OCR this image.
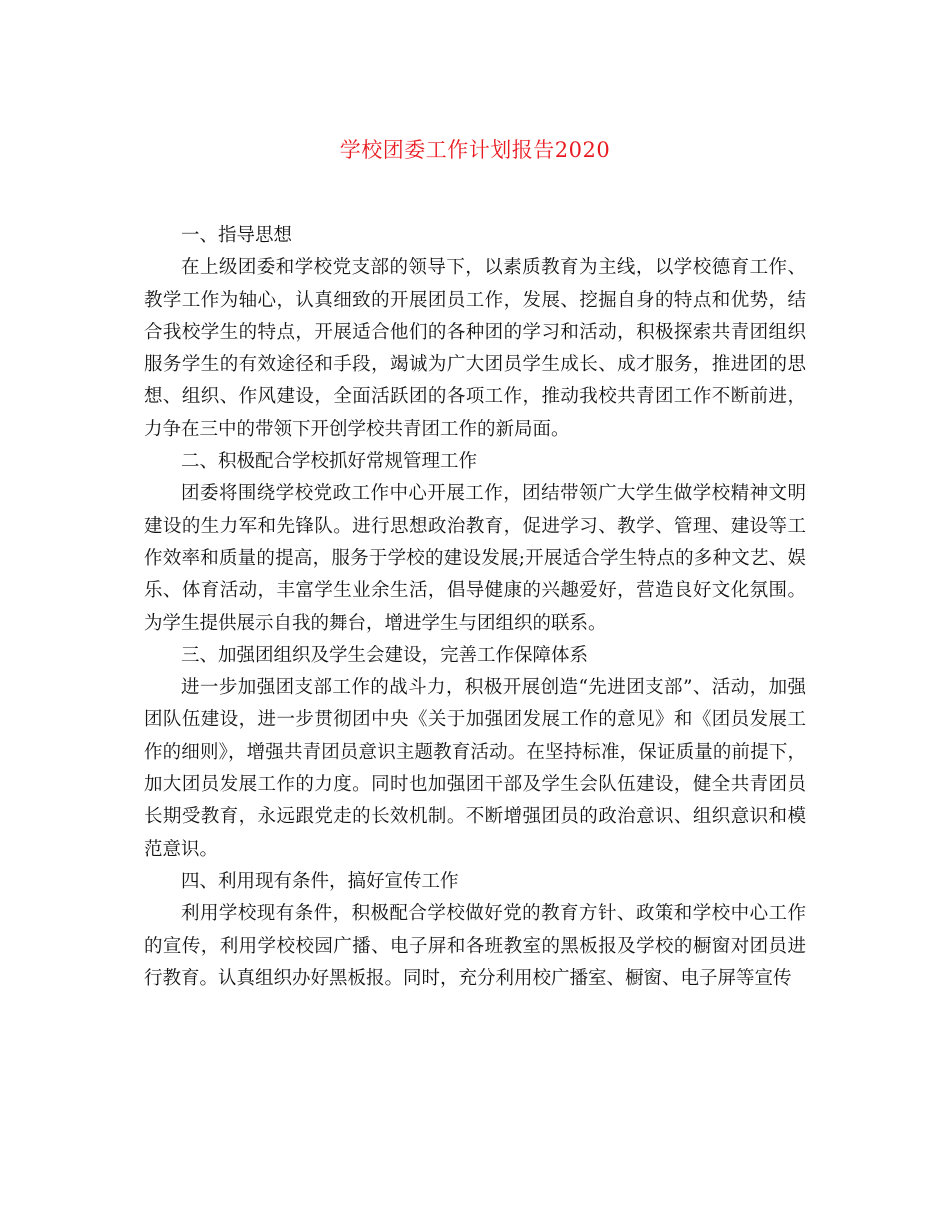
学校团委工作计划报告2020

一、指导思想

在上级团委和学校党支部的领导下，以素质教育为主线，以学校德育工作、教学工作为轴心，认真细致的开展团员工作，发展、挖掘自身的特点和优势，结合我校学生的特点，开展适合他们的各种团的学习和活动，积极探索共青团组织服务学生的有效途径和手段，竭诚为广大团员学生成长、成才服务，推进团的思想、组织、作风建设，全面活跃团的各项工作，推动我校共青团工作不断前进，力争在三中的带领下开创学校共青团工作的新局面。

二、积极配合学校抓好常规管理工作

团委将围绕学校党政工作中心开展工作，团结带领广大学生做学校精神文明建设的生力军和先锋队。进行思想政治教育，促进学习、教学、管理、建设等工作效率和质量的提高，服务于学校的建设发展;开展适合学生特点的多种文艺、娱乐、体育活动，丰富学生业余生活，倡导健康的兴趣爱好，营造良好文化氛围。为学生提供展示自我的舞台，增进学生与团组织的联系。

三、加强团组织及学生会建设，完善工作保障体系

进一步加强团支部工作的战斗力，积极开展创造“先进团支部”、活动，加强团队伍建设，进一步贯彻团中央《关于加强团发展工作的意见》和《团员发展工作的细则》，增强共青团员意识主题教育活动。在坚持标准，保证质量的前提下，加大团员发展工作的力度。同时也加强团干部及学生会队伍建设，健全共青团员长期受教育，永远跟党走的长效机制。不断增强团员的政治意识、组织意识和模范意识。

四、利用现有条件，搞好宣传工作

利用学校现有条件，积极配合学校做好党的教育方针、政策和学校中心工作的宣传，利用学校校园广播、电子屏和各班教室的黑板报及学校的橱窗对团员进行教育。认真组织办好黑板报。同时，充分利用校广播室、橱窗、电子屏等宣传
